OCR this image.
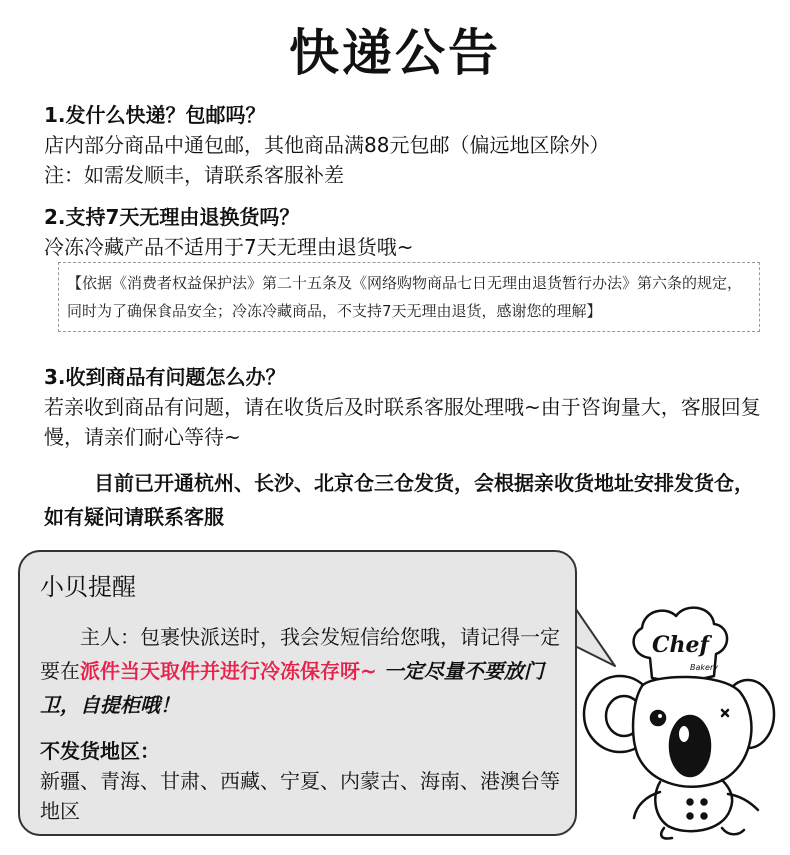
快递公告

1.发什么快递？包邮吗？

店内部分商品中通包邮，其他商品满88元包邮（偏远地区除外）

注：如需发顺丰，请联系客服补差

2.支持7天无理由退换货吗？

冷冻冷藏产品不适用于7天无理由退货哦~

【依据《消费者权益保护法》第二十五条及《网络购物商品七日无理由退货暂行办法》第六条的规定，同时为了确保食品安全；冷冻冷藏商品，不支持7天无理由退货，感谢您的理解】

3.收到商品有问题怎么办？

若亲收到商品有问题，请在收货后及时联系客服处理哦~由于咨询量大，客服回复慢，请亲们耐心等待~

目前已开通杭州、长沙、北京仓三仓发货，会根据亲收货地址安排发货仓，如有疑问请联系客服

小贝提醒

主人：包裹快派送时，我会发短信给您哦，请记得一定要在派件当天取件并进行冷冻保存呀~ 一定尽量不要放门卫，自提柜哦！

不发货地区：

新疆、青海、甘肃、西藏、宁夏、内蒙古、海南、港澳台等地区

Chef
Bakery
